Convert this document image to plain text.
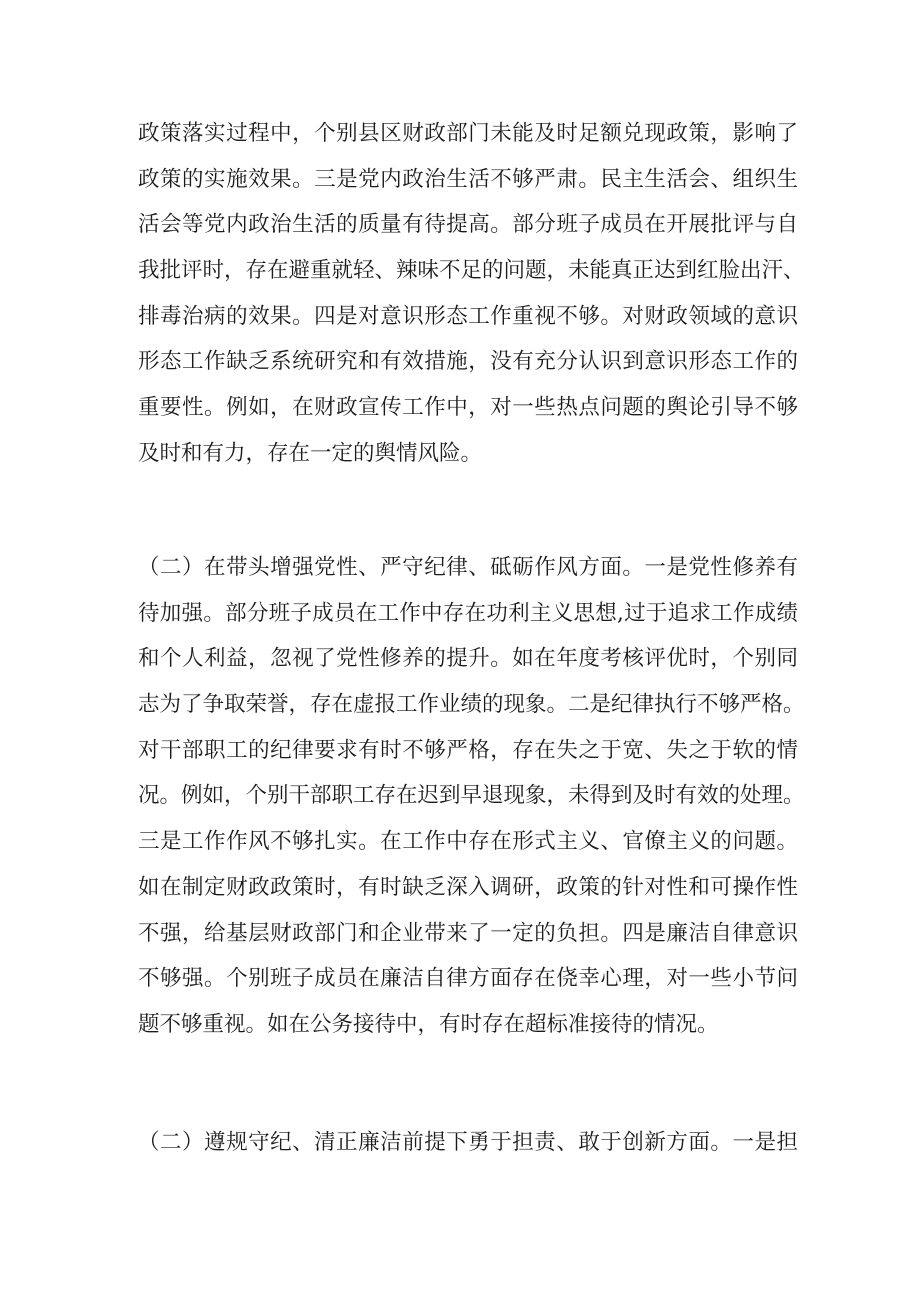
政策落实过程中，个别县区财政部门未能及时足额兑现政策，影响了
政策的实施效果。三是党内政治生活不够严肃。民主生活会、组织生
活会等党内政治生活的质量有待提高。部分班子成员在开展批评与自
我批评时，存在避重就轻、辣味不足的问题，未能真正达到红脸出汗、
排毒治病的效果。四是对意识形态工作重视不够。对财政领域的意识
形态工作缺乏系统研究和有效措施，没有充分认识到意识形态工作的
重要性。例如，在财政宣传工作中，对一些热点问题的舆论引导不够
及时和有力，存在一定的舆情风险。
（二）在带头增强党性、严守纪律、砥砺作风方面。一是党性修养有
待加强。部分班子成员在工作中存在功利主义思想,过于追求工作成绩
和个人利益，忽视了党性修养的提升。如在年度考核评优时，个别同
志为了争取荣誉，存在虚报工作业绩的现象。二是纪律执行不够严格。
对干部职工的纪律要求有时不够严格，存在失之于宽、失之于软的情
况。例如，个别干部职工存在迟到早退现象，未得到及时有效的处理。
三是工作作风不够扎实。在工作中存在形式主义、官僚主义的问题。
如在制定财政政策时，有时缺乏深入调研，政策的针对性和可操作性
不强，给基层财政部门和企业带来了一定的负担。四是廉洁自律意识
不够强。个别班子成员在廉洁自律方面存在侥幸心理，对一些小节问
题不够重视。如在公务接待中，有时存在超标准接待的情况。
（二）遵规守纪、清正廉洁前提下勇于担责、敢于创新方面。一是担
